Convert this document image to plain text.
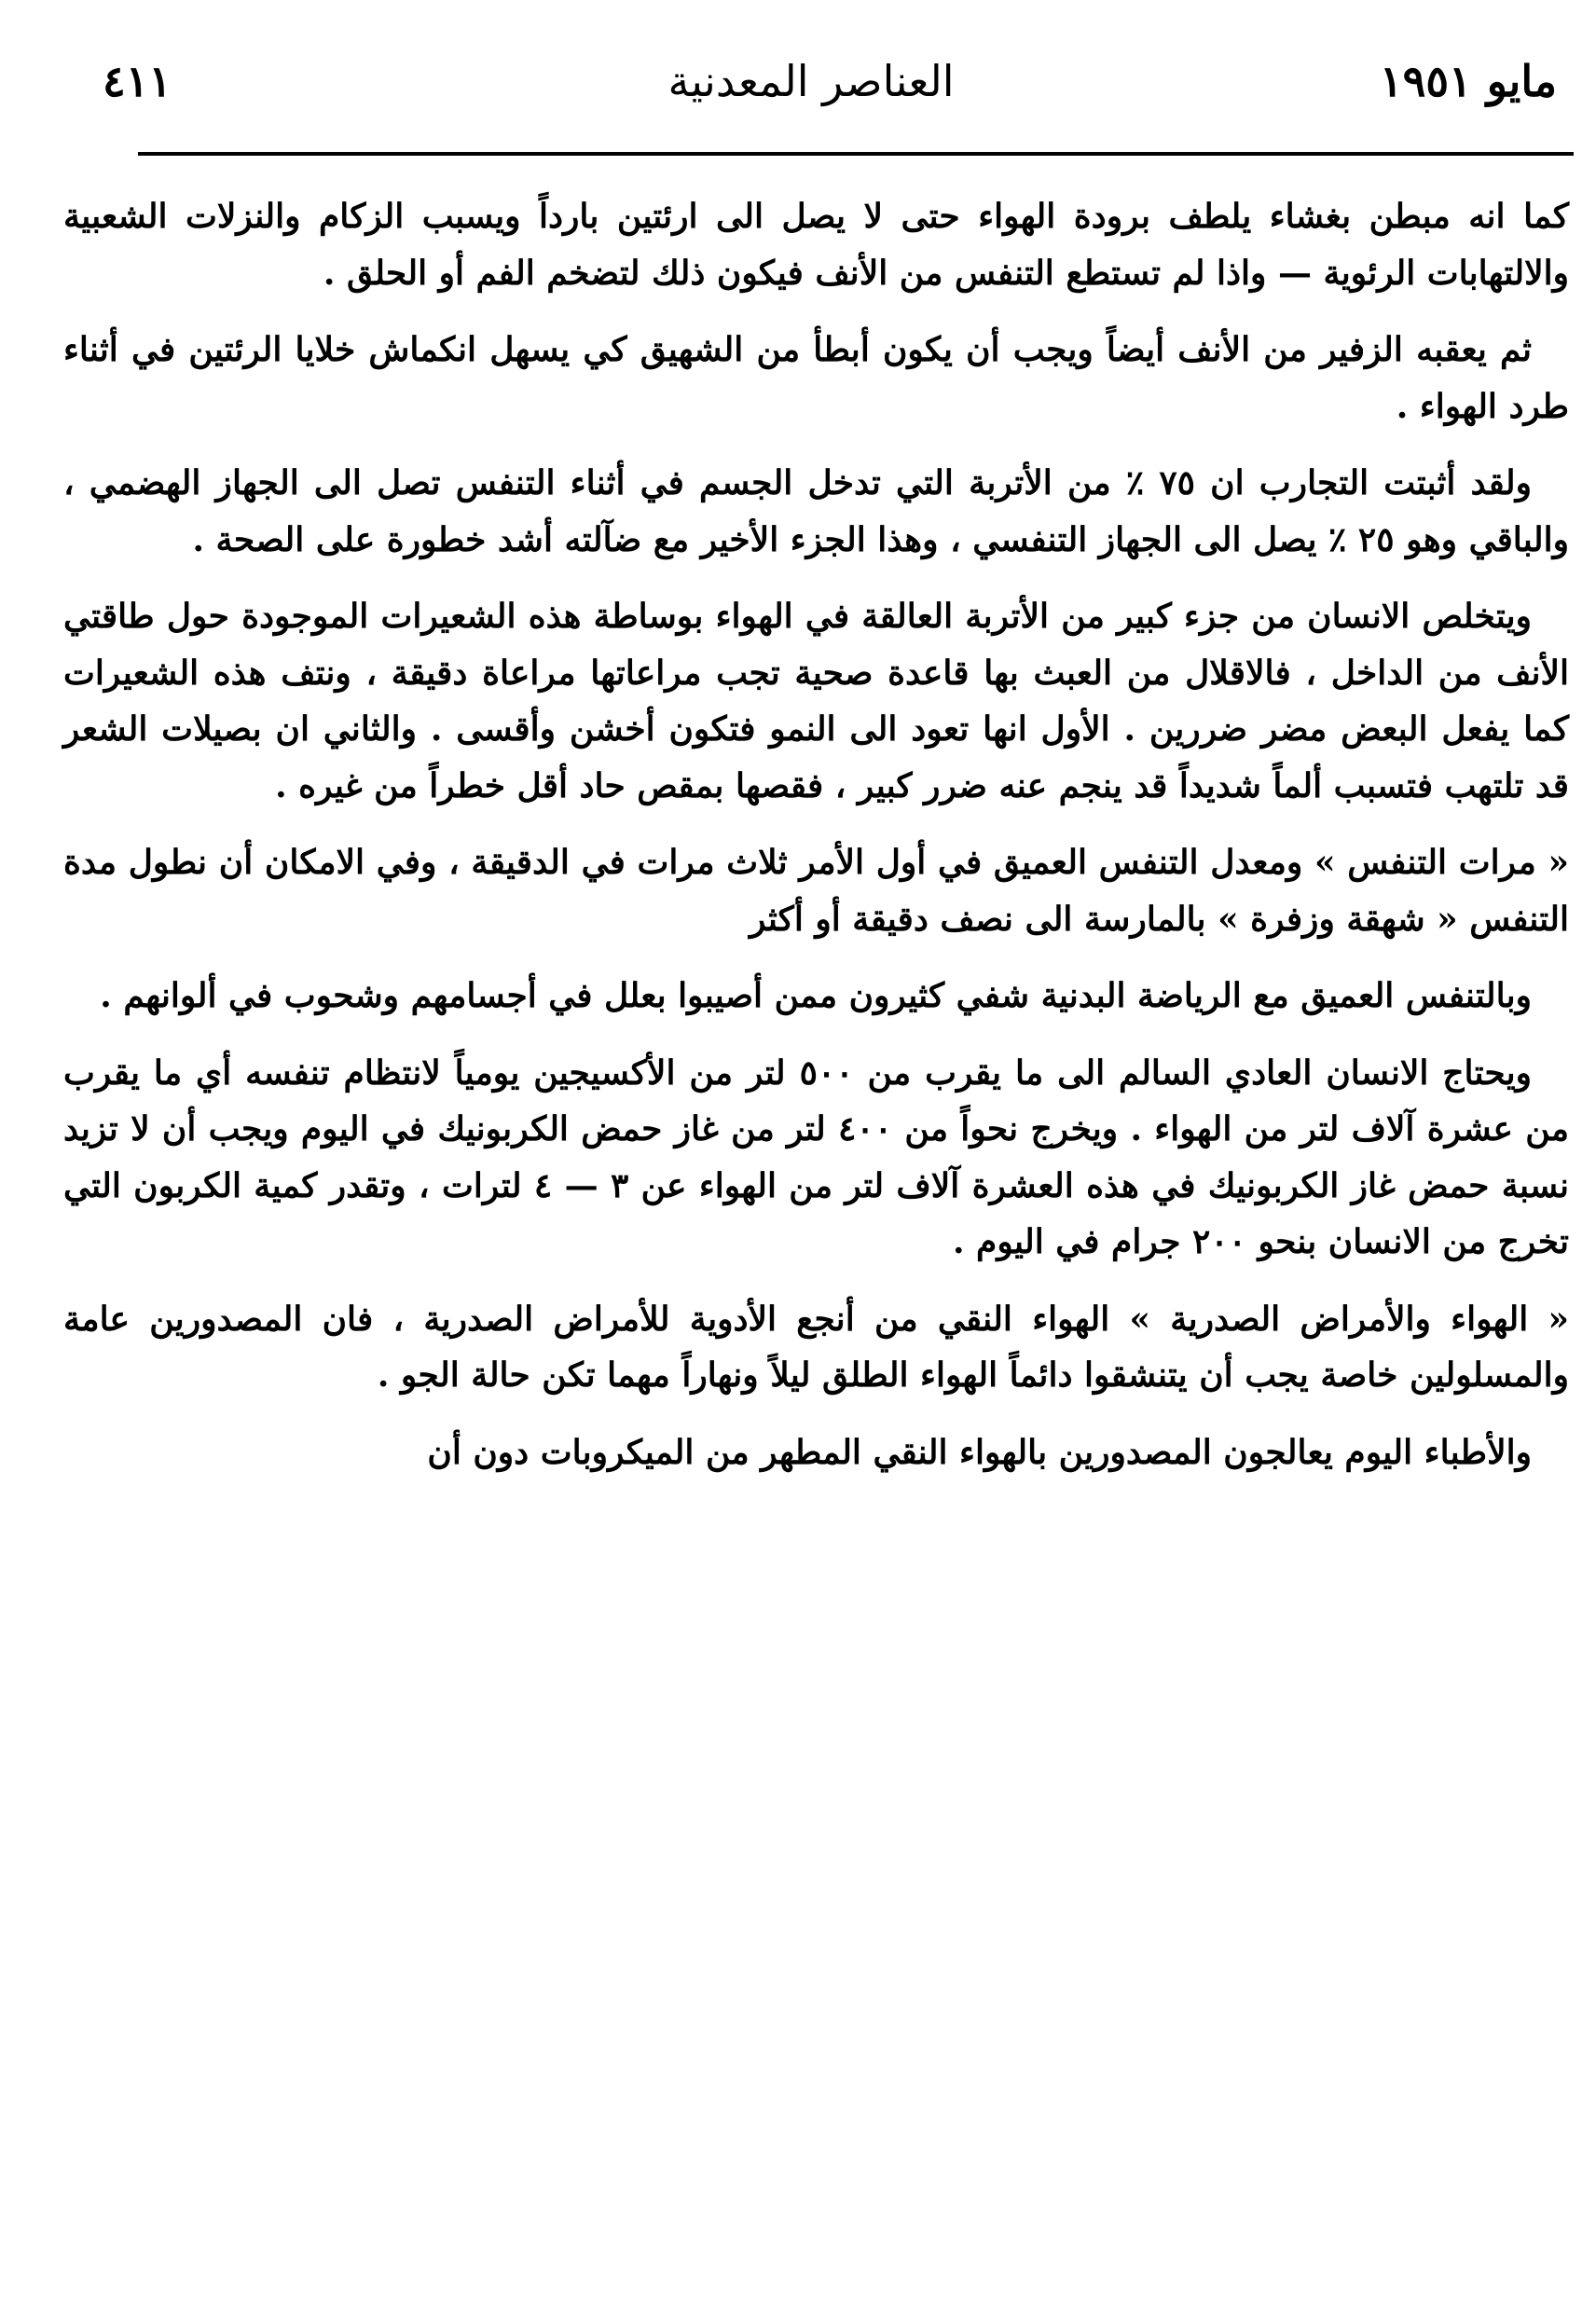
مايو ١٩٥١
العناصر المعدنية
٤١١

كما انه مبطن بغشاء يلطف برودة الهواء حتى لا يصل الى ارئتين بارداً ويسبب الزكام والنزلات الشعبية والالتهابات الرئوية — واذا لم تستطع التنفس من الأنف فيكون ذلك لتضخم الفم أو الحلق .

ثم يعقبه الزفير من الأنف أيضاً ويجب أن يكون أبطأ من الشهيق كي يسهل انكماش خلايا الرئتين في أثناء طرد الهواء .

ولقد أثبتت التجارب ان ٧٥ ٪ من الأتربة التي تدخل الجسم في أثناء التنفس تصل الى الجهاز الهضمي ، والباقي وهو ٢٥ ٪ يصل الى الجهاز التنفسي ، وهذا الجزء الأخير مع ضآلته أشد خطورة على الصحة .

ويتخلص الانسان من جزء كبير من الأتربة العالقة في الهواء بوساطة هذه الشعيرات الموجودة حول طاقتي الأنف من الداخل ، فالاقلال من العبث بها قاعدة صحية تجب مراعاتها مراعاة دقيقة ، ونتف هذه الشعيرات كما يفعل البعض مضر ضررين . الأول انها تعود الى النمو فتكون أخشن وأقسى . والثاني ان بصيلات الشعر قد تلتهب فتسبب ألماً شديداً قد ينجم عنه ضرر كبير ، فقصها بمقص حاد أقل خطراً من غيره .

« مرات التنفس » ومعدل التنفس العميق في أول الأمر ثلاث مرات في الدقيقة ، وفي الامكان أن نطول مدة التنفس « شهقة وزفرة » بالمارسة الى نصف دقيقة أو أكثر

وبالتنفس العميق مع الرياضة البدنية شفي كثيرون ممن أصيبوا بعلل في أجسامهم وشحوب في ألوانهم .

ويحتاج الانسان العادي السالم الى ما يقرب من ٥٠٠ لتر من الأكسيجين يومياً لانتظام تنفسه أي ما يقرب من عشرة آلاف لتر من الهواء . ويخرج نحواً من ٤٠٠ لتر من غاز حمض الكربونيك في اليوم ويجب أن لا تزيد نسبة حمض غاز الكربونيك في هذه العشرة آلاف لتر من الهواء عن ٣ — ٤ لترات ، وتقدر كمية الكربون التي تخرج من الانسان بنحو ٢٠٠ جرام في اليوم .

« الهواء والأمراض الصدرية » الهواء النقي من أنجع الأدوية للأمراض الصدرية ، فان المصدورين عامة والمسلولين خاصة يجب أن يتنشقوا دائماً الهواء الطلق ليلاً ونهاراً مهما تكن حالة الجو .

والأطباء اليوم يعالجون المصدورين بالهواء النقي المطهر من الميكروبات دون أن
